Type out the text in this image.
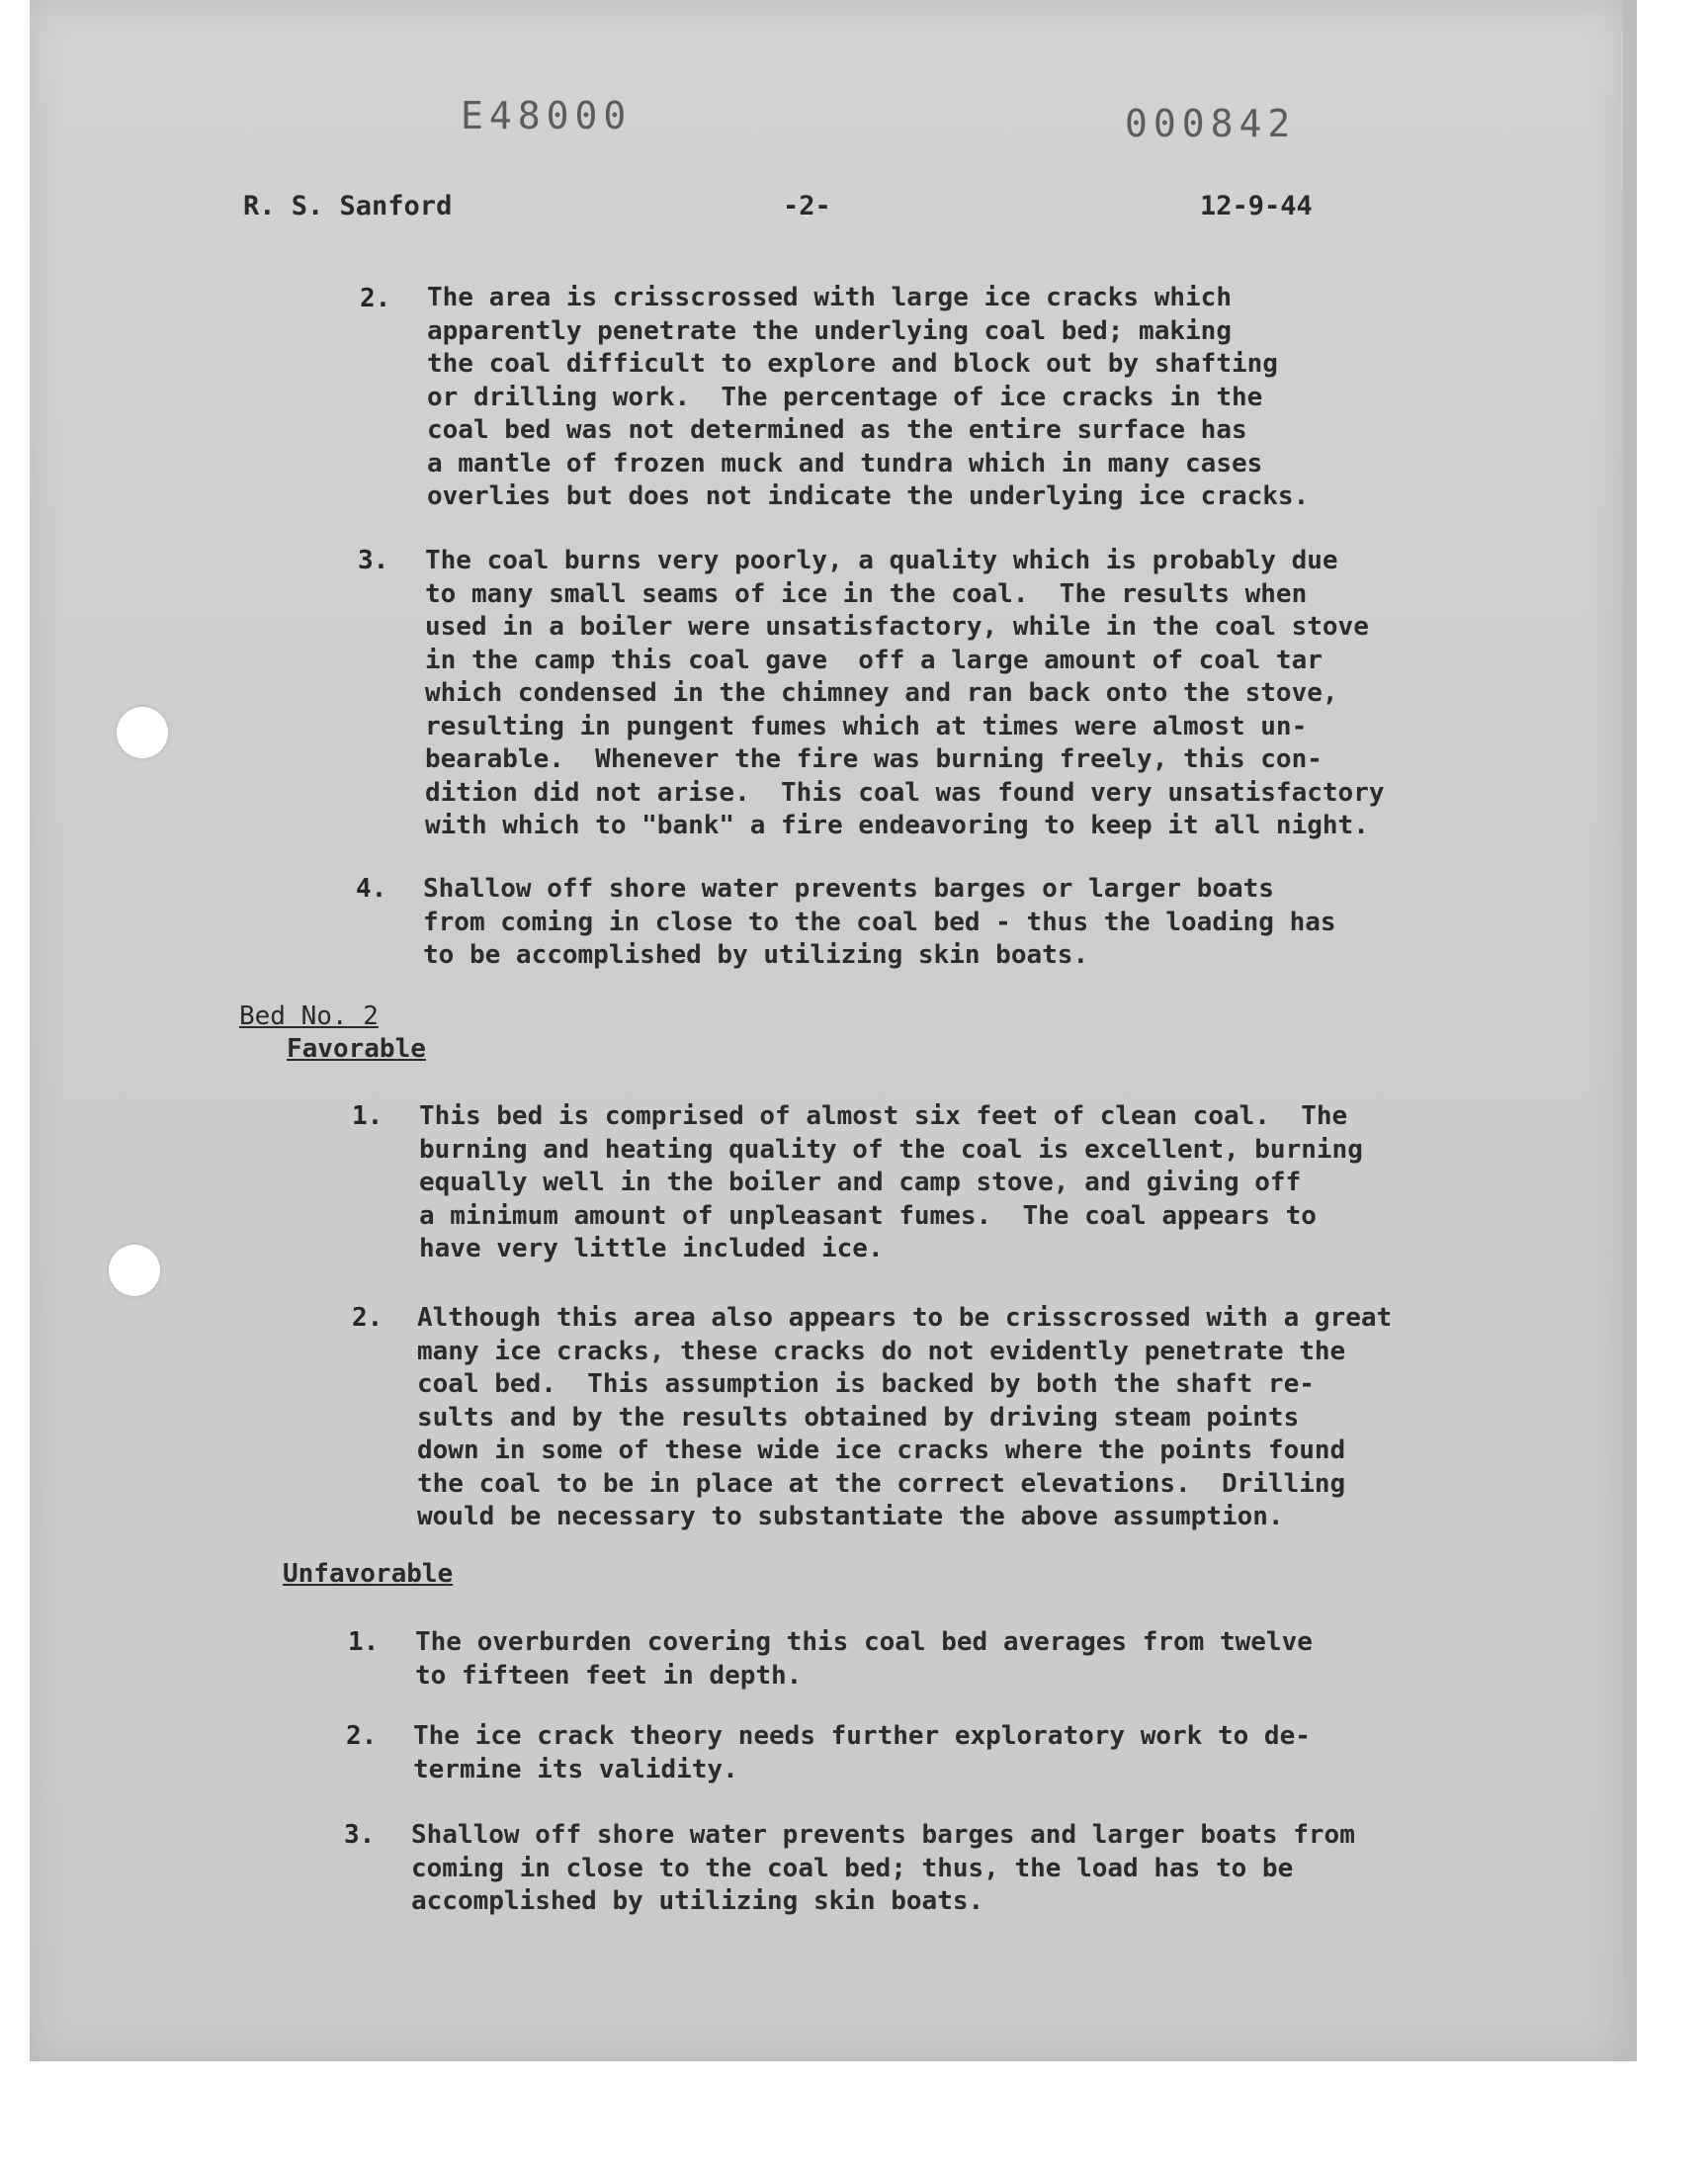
E48000	000842
R. S. Sanford	-2-	12-9-44
2. The area is crisscrossed with large ice cracks which
apparently penetrate the underlying coal bed; making
the coal difficult to explore and block out by shafting
or drilling work.  The percentage of ice cracks in the
coal bed was not determined as the entire surface has
a mantle of frozen muck and tundra which in many cases
overlies but does not indicate the underlying ice cracks.
3. The coal burns very poorly, a quality which is probably due
to many small seams of ice in the coal.  The results when
used in a boiler were unsatisfactory, while in the coal stove
in the camp this coal gave  off a large amount of coal tar
which condensed in the chimney and ran back onto the stove,
resulting in pungent fumes which at times were almost un-
bearable.  Whenever the fire was burning freely, this con-
dition did not arise.  This coal was found very unsatisfactory
with which to "bank" a fire endeavoring to keep it all night.
4. Shallow off shore water prevents barges or larger boats
from coming in close to the coal bed - thus the loading has
to be accomplished by utilizing skin boats.
Bed No. 2
Favorable
1. This bed is comprised of almost six feet of clean coal.  The
burning and heating quality of the coal is excellent, burning
equally well in the boiler and camp stove, and giving off
a minimum amount of unpleasant fumes.  The coal appears to
have very little included ice.
2. Although this area also appears to be crisscrossed with a great
many ice cracks, these cracks do not evidently penetrate the
coal bed.  This assumption is backed by both the shaft re-
sults and by the results obtained by driving steam points
down in some of these wide ice cracks where the points found
the coal to be in place at the correct elevations.  Drilling
would be necessary to substantiate the above assumption.
Unfavorable
1. The overburden covering this coal bed averages from twelve
to fifteen feet in depth.
2. The ice crack theory needs further exploratory work to de-
termine its validity.
3. Shallow off shore water prevents barges and larger boats from
coming in close to the coal bed; thus, the load has to be
accomplished by utilizing skin boats.
